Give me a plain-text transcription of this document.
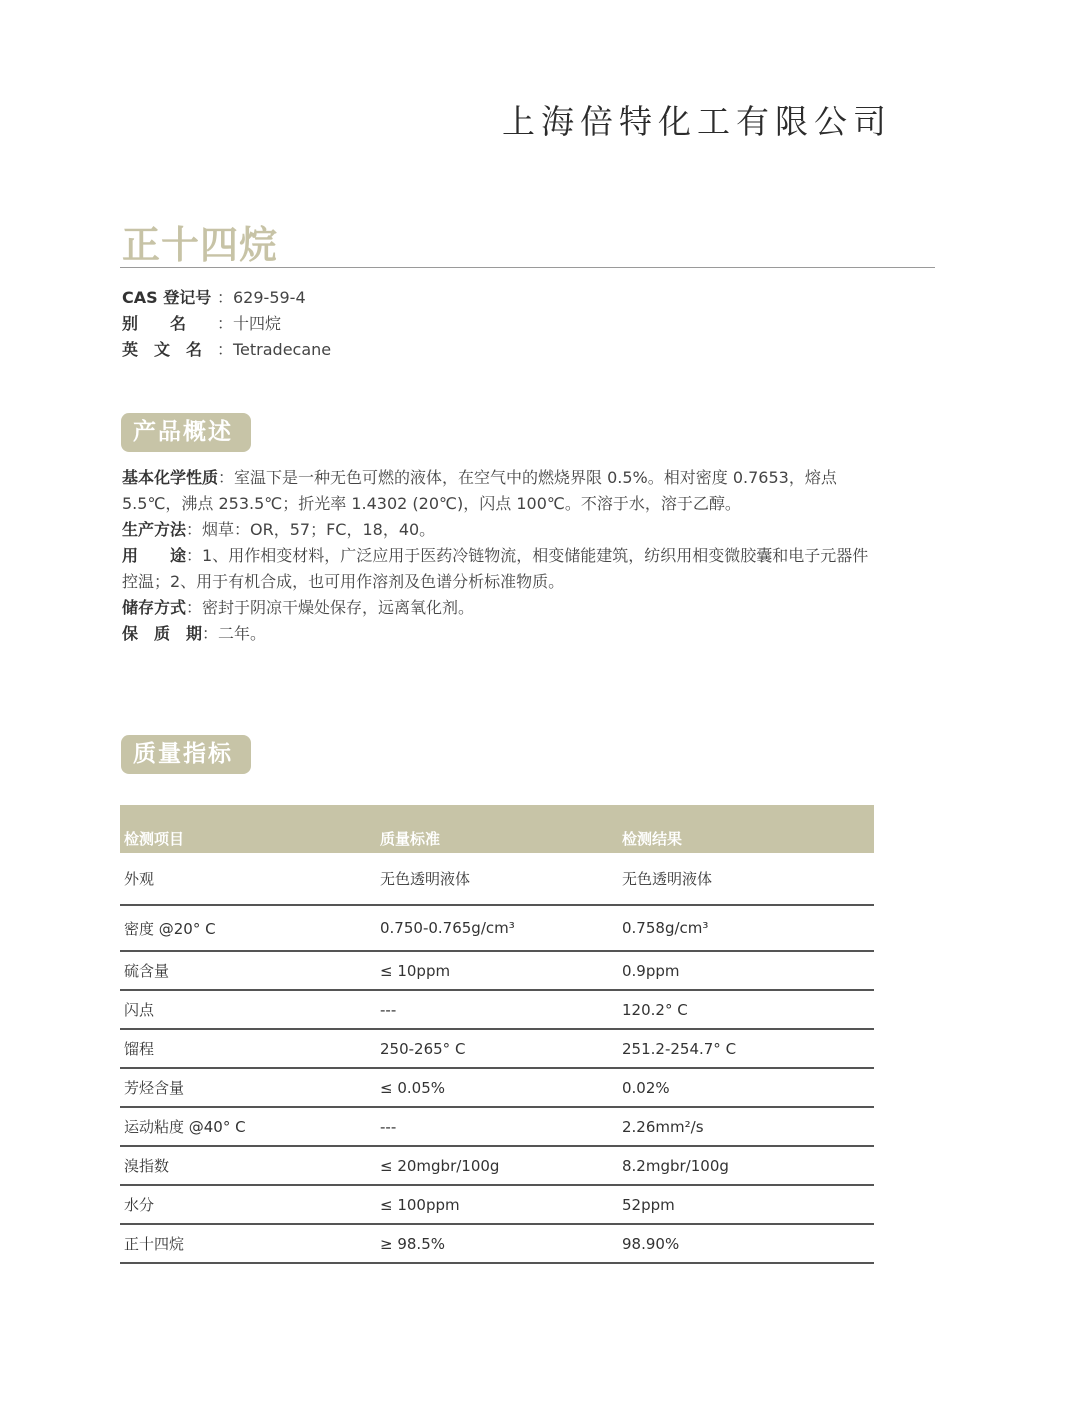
上海倍特化工有限公司
正十四烷
CAS 登记号 ：629-59-4
别　　名 ：十四烷
英　文　名 ：Tetradecane
产品概述

基本化学性质：室温下是一种无色可燃的液体，在空气中的燃烧界限 0.5%。相对密度 0.7653，熔点 5.5℃，沸点 253.5℃；折光率 1.4302 (20℃)，闪点 100℃。不溶于水，溶于乙醇。

生产方法：烟草：OR，57；FC，18，40。

用　　途：1、用作相变材料，广泛应用于医药冷链物流，相变储能建筑，纺织用相变微胶囊和电子元器件控温；2、用于有机合成，也可用作溶剂及色谱分析标准物质。

储存方式：密封于阴凉干燥处保存，远离氧化剂。

保　质　期：二年。

质量指标
检测项目	质量标准	检测结果
外观	无色透明液体	无色透明液体
密度 @20° C	0.750-0.765g/cm³	0.758g/cm³
硫含量	≤ 10ppm	0.9ppm
闪点	---	120.2° C
馏程	250-265° C	251.2-254.7° C
芳烃含量	≤ 0.05%	0.02%
运动粘度 @40° C	---	2.26mm²/s
溴指数	≤ 20mgbr/100g	8.2mgbr/100g
水分	≤ 100ppm	52ppm
正十四烷	≥ 98.5%	98.90%
